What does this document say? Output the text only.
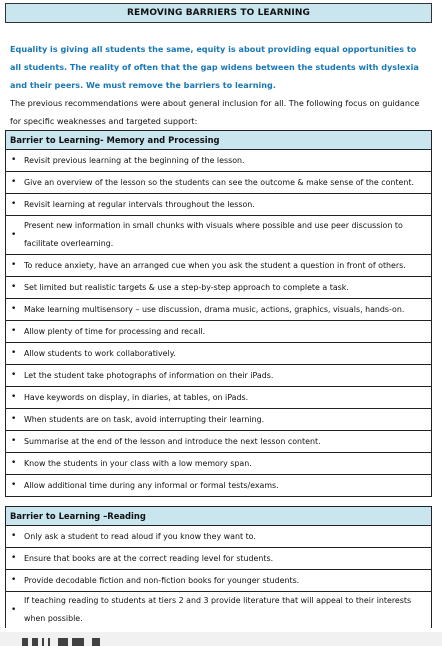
REMOVING BARRIERS TO LEARNING
Equality is giving all students the same, equity is about providing equal opportunities to all students. The reality of often that the gap widens between the students with dyslexia and their peers. We must remove the barriers to learning.
The previous recommendations were about general inclusion for all. The following focus on guidance for specific weaknesses and targeted support:
Barrier to Learning- Memory and Processing
• Revisit previous learning at the beginning of the lesson.
• Give an overview of the lesson so the students can see the outcome & make sense of the content.
• Revisit learning at regular intervals throughout the lesson.
•
Present new information in small chunks with visuals where possible and use peer discussion to facilitate overlearning.
• To reduce anxiety, have an arranged cue when you ask the student a question in front of others.
• Set limited but realistic targets & use a step-by-step approach to complete a task.
• Make learning multisensory – use discussion, drama music, actions, graphics, visuals, hands-on.
• Allow plenty of time for processing and recall.
• Allow students to work collaboratively.
• Let the student take photographs of information on their iPads.
• Have keywords on display, in diaries, at tables, on iPads.
• When students are on task, avoid interrupting their learning.
• Summarise at the end of the lesson and introduce the next lesson content.
• Know the students in your class with a low memory span.
• Allow additional time during any informal or formal tests/exams.
Barrier to Learning –Reading
• Only ask a student to read aloud if you know they want to.
• Ensure that books are at the correct reading level for students.
• Provide decodable fiction and non-fiction books for younger students.
•
If teaching reading to students at tiers 2 and 3 provide literature that will appeal to their interests when possible.
